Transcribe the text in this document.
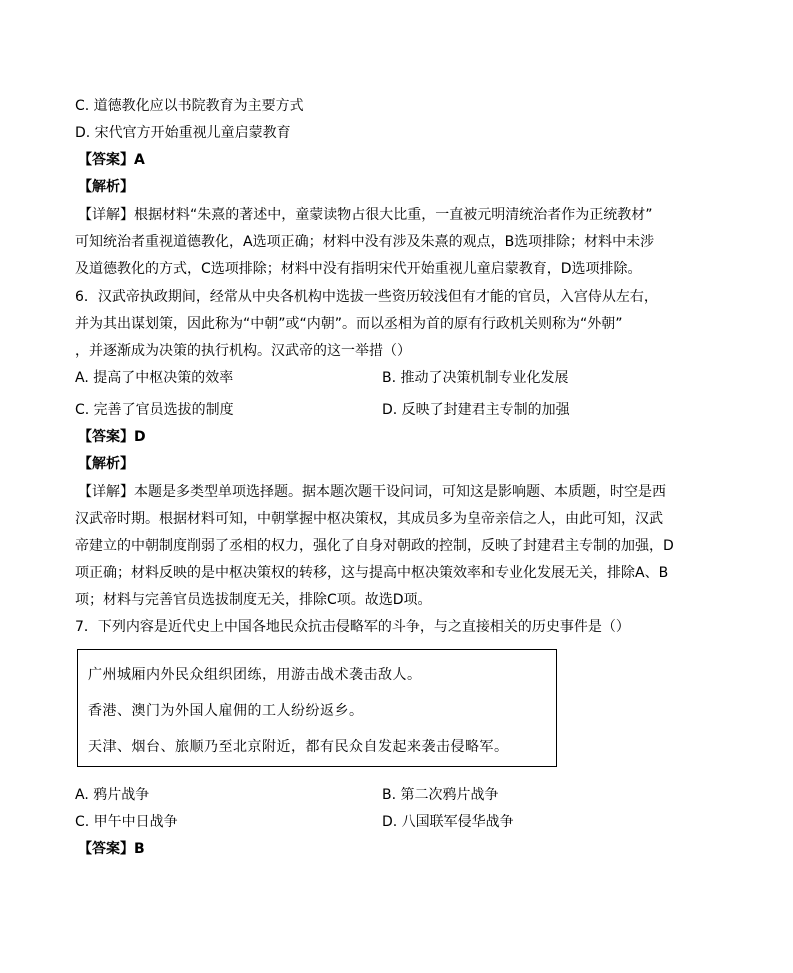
C. 道德教化应以书院教育为主要方式
D. 宋代官方开始重视儿童启蒙教育
【答案】A
【解析】
【详解】根据材料“朱熹的著述中，童蒙读物占很大比重，一直被元明清统治者作为正统教材”
可知统治者重视道德教化，A选项正确；材料中没有涉及朱熹的观点，B选项排除；材料中未涉
及道德教化的方式，C选项排除；材料中没有指明宋代开始重视儿童启蒙教育，D选项排除。
6．汉武帝执政期间，经常从中央各机构中选拔一些资历较浅但有才能的官员，入宫侍从左右，
并为其出谋划策，因此称为“中朝”或“内朝”。而以丞相为首的原有行政机关则称为“外朝”
，并逐渐成为决策的执行机构。汉武帝的这一举措（）
A. 提高了中枢决策的效率	B. 推动了决策机制专业化发展
C. 完善了官员选拔的制度	D. 反映了封建君主专制的加强
【答案】D
【解析】
【详解】本题是多类型单项选择题。据本题次题干设问词，可知这是影响题、本质题，时空是西
汉武帝时期。根据材料可知，中朝掌握中枢决策权，其成员多为皇帝亲信之人，由此可知，汉武
帝建立的中朝制度削弱了丞相的权力，强化了自身对朝政的控制，反映了封建君主专制的加强，D
项正确；材料反映的是中枢决策权的转移，这与提高中枢决策效率和专业化发展无关，排除A、B
项；材料与完善官员选拔制度无关，排除C项。故选D项。
7．下列内容是近代史上中国各地民众抗击侵略军的斗争，与之直接相关的历史事件是（）
广州城厢内外民众组织团练，用游击战术袭击敌人。
香港、澳门为外国人雇佣的工人纷纷返乡。
天津、烟台、旅顺乃至北京附近，都有民众自发起来袭击侵略军。
A. 鸦片战争	B. 第二次鸦片战争
C. 甲午中日战争	D. 八国联军侵华战争
【答案】B
